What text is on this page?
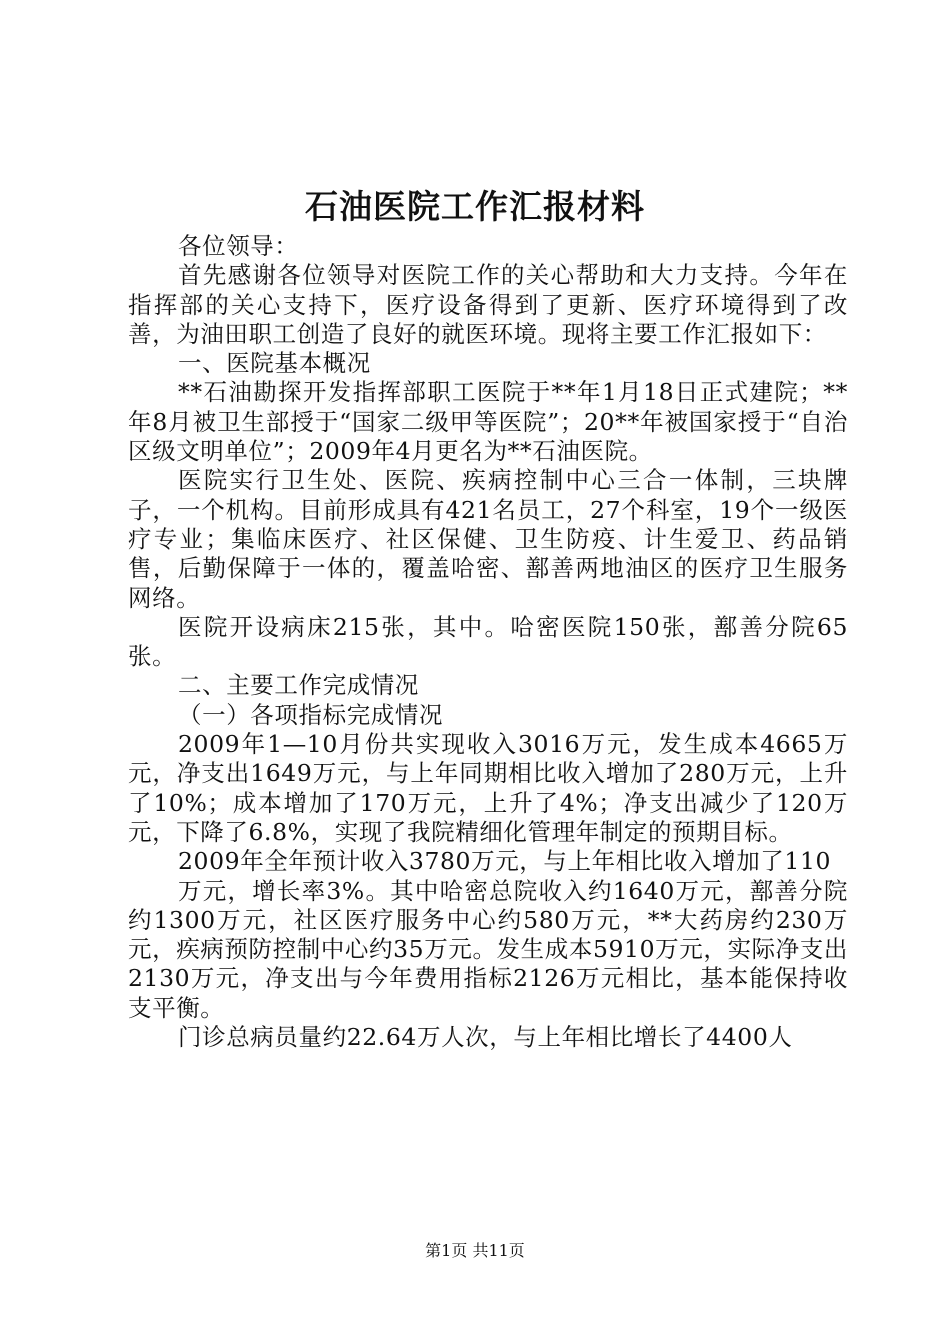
石油医院工作汇报材料

各位领导：

首先感谢各位领导对医院工作的关心帮助和大力支持。今年在指挥部的关心支持下，医疗设备得到了更新、医疗环境得到了改善，为油田职工创造了良好的就医环境。现将主要工作汇报如下：

一、医院基本概况

**石油勘探开发指挥部职工医院于**年1月18日正式建院；**年8月被卫生部授于“国家二级甲等医院”；20**年被国家授于“自治区级文明单位”；2009年4月更名为**石油医院。

医院实行卫生处、医院、疾病控制中心三合一体制，三块牌子，一个机构。目前形成具有421名员工，27个科室，19个一级医疗专业；集临床医疗、社区保健、卫生防疫、计生爱卫、药品销售，后勤保障于一体的，覆盖哈密、鄯善两地油区的医疗卫生服务网络。

医院开设病床215张，其中。哈密医院150张，鄯善分院65张。

二、主要工作完成情况

（一）各项指标完成情况

2009年1—10月份共实现收入3016万元，发生成本4665万元，净支出1649万元，与上年同期相比收入增加了280万元，上升了10%；成本增加了170万元，上升了4%；净支出减少了120万元，下降了6.8%，实现了我院精细化管理年制定的预期目标。

2009年全年预计收入3780万元，与上年相比收入增加了110

万元，增长率3%。其中哈密总院收入约1640万元，鄯善分院约1300万元，社区医疗服务中心约580万元，**大药房约230万元，疾病预防控制中心约35万元。发生成本5910万元，实际净支出2130万元，净支出与今年费用指标2126万元相比，基本能保持收支平衡。

门诊总病员量约22.64万人次，与上年相比增长了4400人

第1页 共11页
